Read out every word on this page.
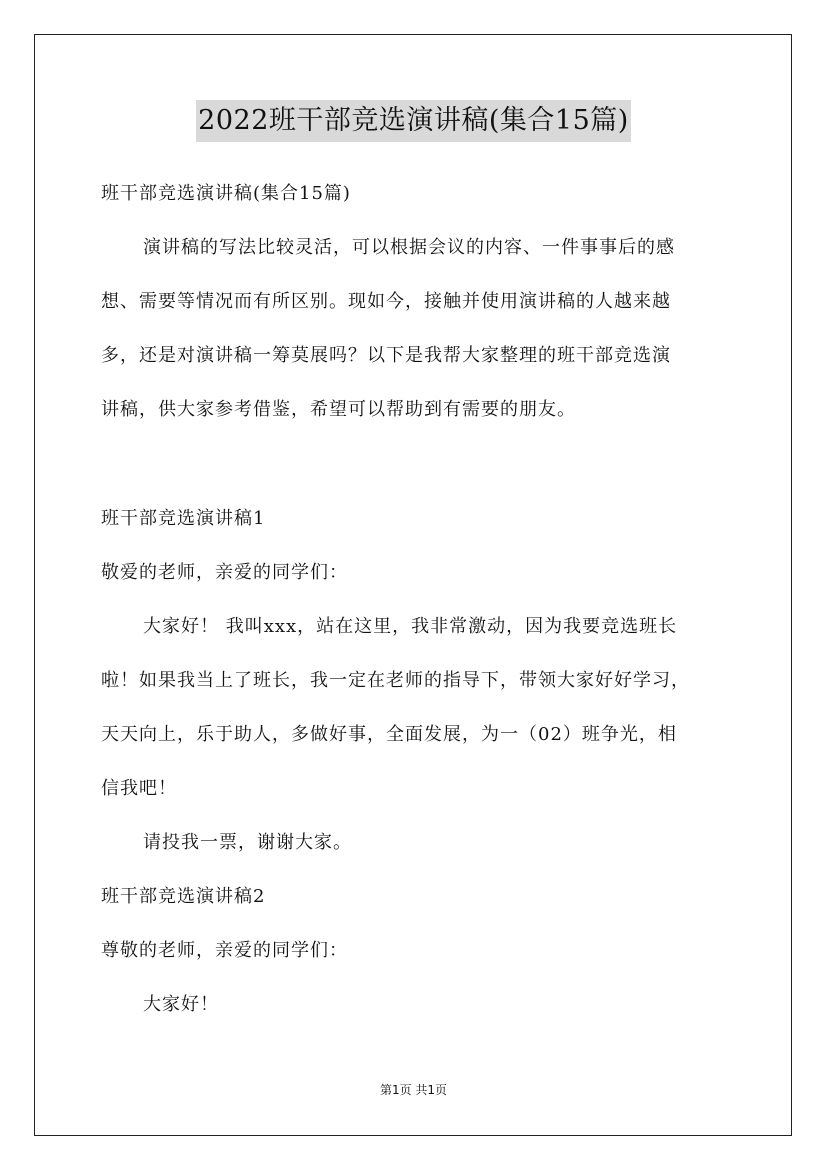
2022班干部竞选演讲稿(集合15篇)
班干部竞选演讲稿(集合15篇)
演讲稿的写法比较灵活，可以根据会议的内容、一件事事后的感
想、需要等情况而有所区别。现如今，接触并使用演讲稿的人越来越
多，还是对演讲稿一筹莫展吗？以下是我帮大家整理的班干部竞选演
讲稿，供大家参考借鉴，希望可以帮助到有需要的朋友。
班干部竞选演讲稿1
敬爱的老师，亲爱的同学们：
大家好！ 我叫xxx，站在这里，我非常激动，因为我要竞选班长
啦！如果我当上了班长，我一定在老师的指导下，带领大家好好学习，
天天向上，乐于助人，多做好事，全面发展，为一（02）班争光，相
信我吧！
请投我一票，谢谢大家。
班干部竞选演讲稿2
尊敬的老师，亲爱的同学们：
大家好！
第1页 共1页
